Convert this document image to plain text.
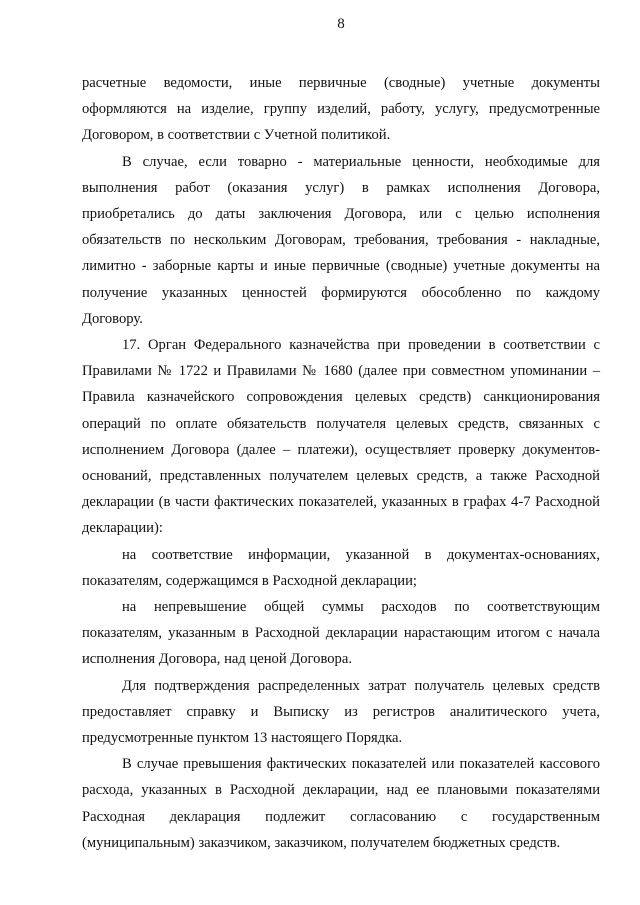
8

расчетные ведомости, иные первичные (сводные) учетные документы
оформляются на изделие, группу изделий, работу, услугу, предусмотренные
Договором, в соответствии с Учетной политикой.

В случае, если товарно - материальные ценности, необходимые для
выполнения работ (оказания услуг) в рамках исполнения Договора,
приобретались до даты заключения Договора, или с целью исполнения
обязательств по нескольким Договорам, требования, требования - накладные,
лимитно - заборные карты и иные первичные (сводные) учетные документы на
получение указанных ценностей формируются обособленно по каждому
Договору.

17. Орган Федерального казначейства при проведении в соответствии с
Правилами № 1722 и Правилами № 1680 (далее при совместном упоминании –
Правила казначейского сопровождения целевых средств) санкционирования
операций по оплате обязательств получателя целевых средств, связанных с
исполнением Договора (далее – платежи), осуществляет проверку документов-
оснований, представленных получателем целевых средств, а также Расходной
декларации (в части фактических показателей, указанных в графах 4-7 Расходной
декларации):

на соответствие информации, указанной в документах-основаниях,
показателям, содержащимся в Расходной декларации;

на непревышение общей суммы расходов по соответствующим
показателям, указанным в Расходной декларации нарастающим итогом с начала
исполнения Договора, над ценой Договора.

Для подтверждения распределенных затрат получатель целевых средств
предоставляет справку и Выписку из регистров аналитического учета,
предусмотренные пунктом 13 настоящего Порядка.

В случае превышения фактических показателей или показателей кассового
расхода, указанных в Расходной декларации, над ее плановыми показателями
Расходная декларация подлежит согласованию с государственным
(муниципальным) заказчиком, заказчиком, получателем бюджетных средств.
